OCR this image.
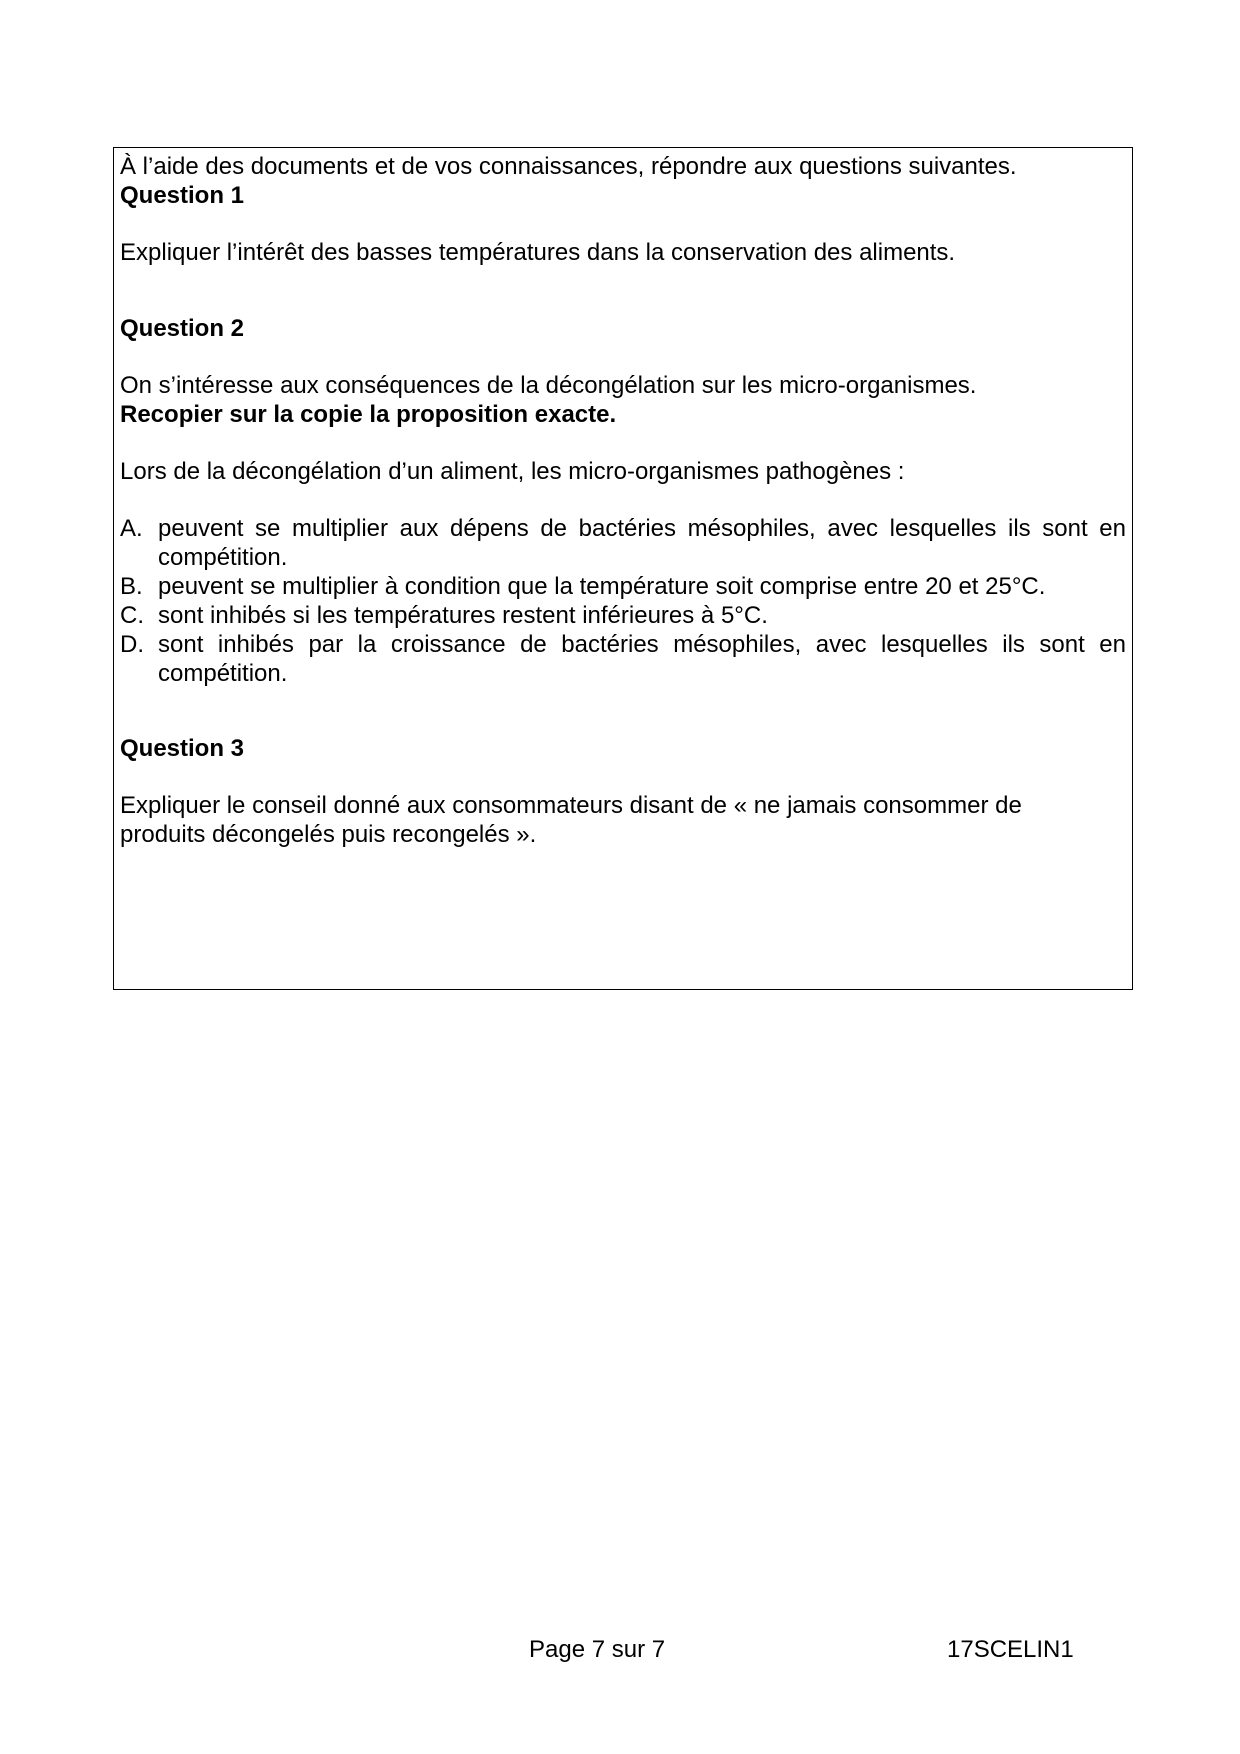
À l’aide des documents et de vos connaissances, répondre aux questions suivantes.

Question 1

Expliquer l’intérêt des basses températures dans la conservation des aliments.

Question 2

On s’intéresse aux conséquences de la décongélation sur les micro-organismes.

Recopier sur la copie la proposition exacte.

Lors de la décongélation d’un aliment, les micro-organismes pathogènes :

A. peuvent se multiplier aux dépens de bactéries mésophiles, avec lesquelles ils sont en compétition.
B. peuvent se multiplier à condition que la température soit comprise entre 20 et 25°C.
C. sont inhibés si les températures restent inférieures à 5°C.
D. sont inhibés par la croissance de bactéries mésophiles, avec lesquelles ils sont en compétition.

Question 3

Expliquer le conseil donné aux consommateurs disant de « ne jamais consommer de

produits décongelés puis recongelés ».

Page 7 sur 7	17SCELIN1
